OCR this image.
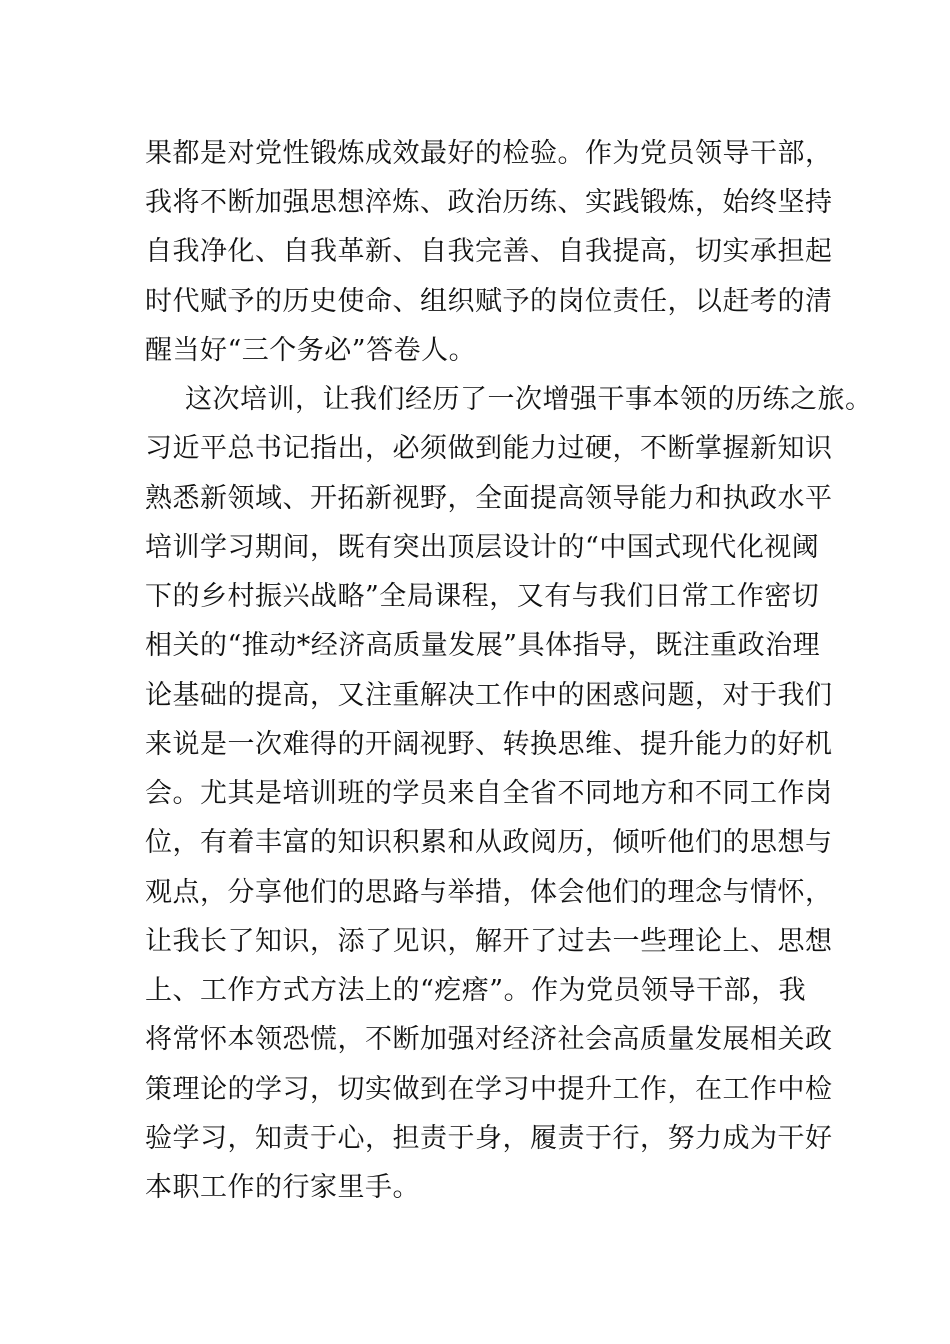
果都是对党性锻炼成效最好的检验。作为党员领导干部，

我将不断加强思想淬炼、政治历练、实践锻炼，始终坚持

自我净化、自我革新、自我完善、自我提高，切实承担起

时代赋予的历史使命、组织赋予的岗位责任，以赶考的清

醒当好“三个务必”答卷人。

这次培训，让我们经历了一次增强干事本领的历练之旅。

习近平总书记指出，必须做到能力过硬，不断掌握新知识

熟悉新领域、开拓新视野，全面提高领导能力和执政水平

培训学习期间，既有突出顶层设计的“中国式现代化视阈

下的乡村振兴战略”全局课程，又有与我们日常工作密切

相关的“推动*经济高质量发展”具体指导，既注重政治理

论基础的提高，又注重解决工作中的困惑问题，对于我们

来说是一次难得的开阔视野、转换思维、提升能力的好机

会。尤其是培训班的学员来自全省不同地方和不同工作岗

位，有着丰富的知识积累和从政阅历，倾听他们的思想与

观点，分享他们的思路与举措，体会他们的理念与情怀，

让我长了知识，添了见识，解开了过去一些理论上、思想

上、工作方式方法上的“疙瘩”。作为党员领导干部，我

将常怀本领恐慌，不断加强对经济社会高质量发展相关政

策理论的学习，切实做到在学习中提升工作，在工作中检

验学习，知责于心，担责于身，履责于行，努力成为干好

本职工作的行家里手。
